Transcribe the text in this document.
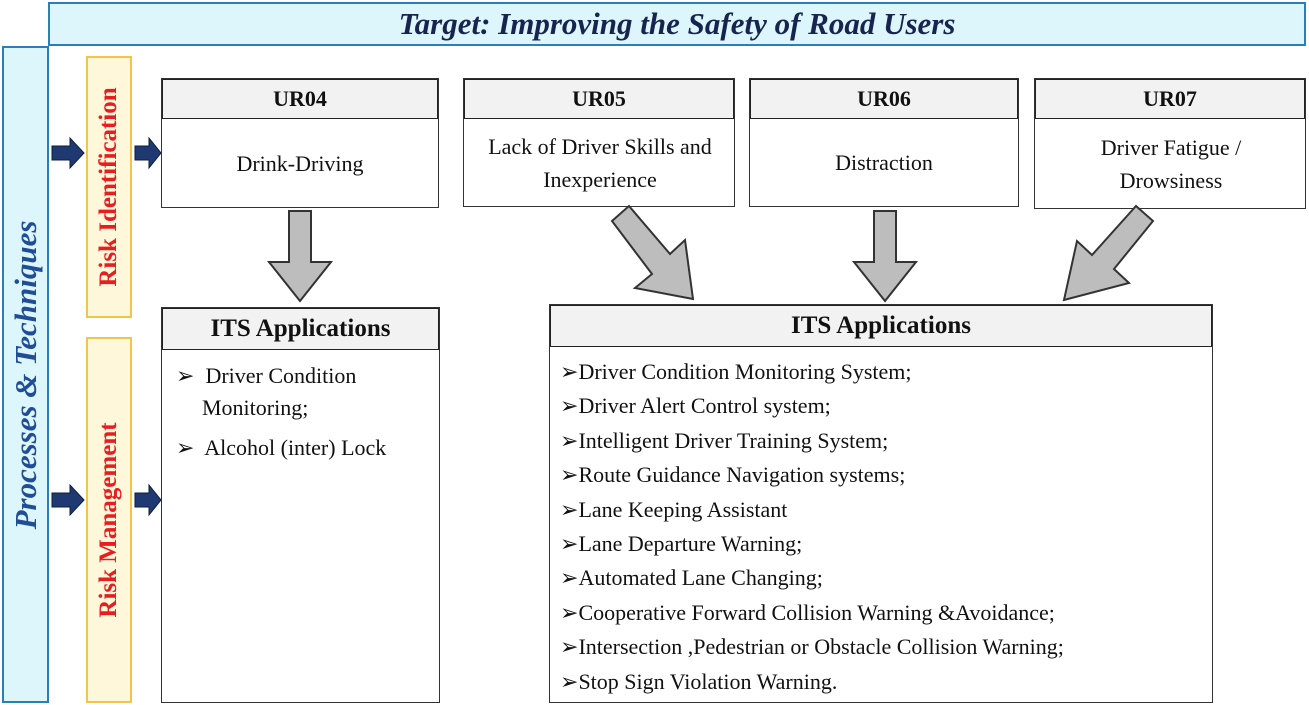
Target: Improving the Safety of Road Users
Processes & Techniques
Risk Identification
Risk Management
UR04
Drink-Driving
UR05
Lack of Driver Skills and Inexperience
UR06
Distraction
UR07
Driver Fatigue / Drowsiness
ITS Applications
➢ Driver Condition Monitoring;
➢ Alcohol (inter) Lock
ITS Applications
➢Driver Condition Monitoring System;
➢Driver Alert Control system;
➢Intelligent Driver Training System;
➢Route Guidance Navigation systems;
➢Lane Keeping Assistant
➢Lane Departure Warning;
➢Automated Lane Changing;
➢Cooperative Forward Collision Warning &Avoidance;
➢Intersection ,Pedestrian or Obstacle Collision Warning;
➢Stop Sign Violation Warning.
